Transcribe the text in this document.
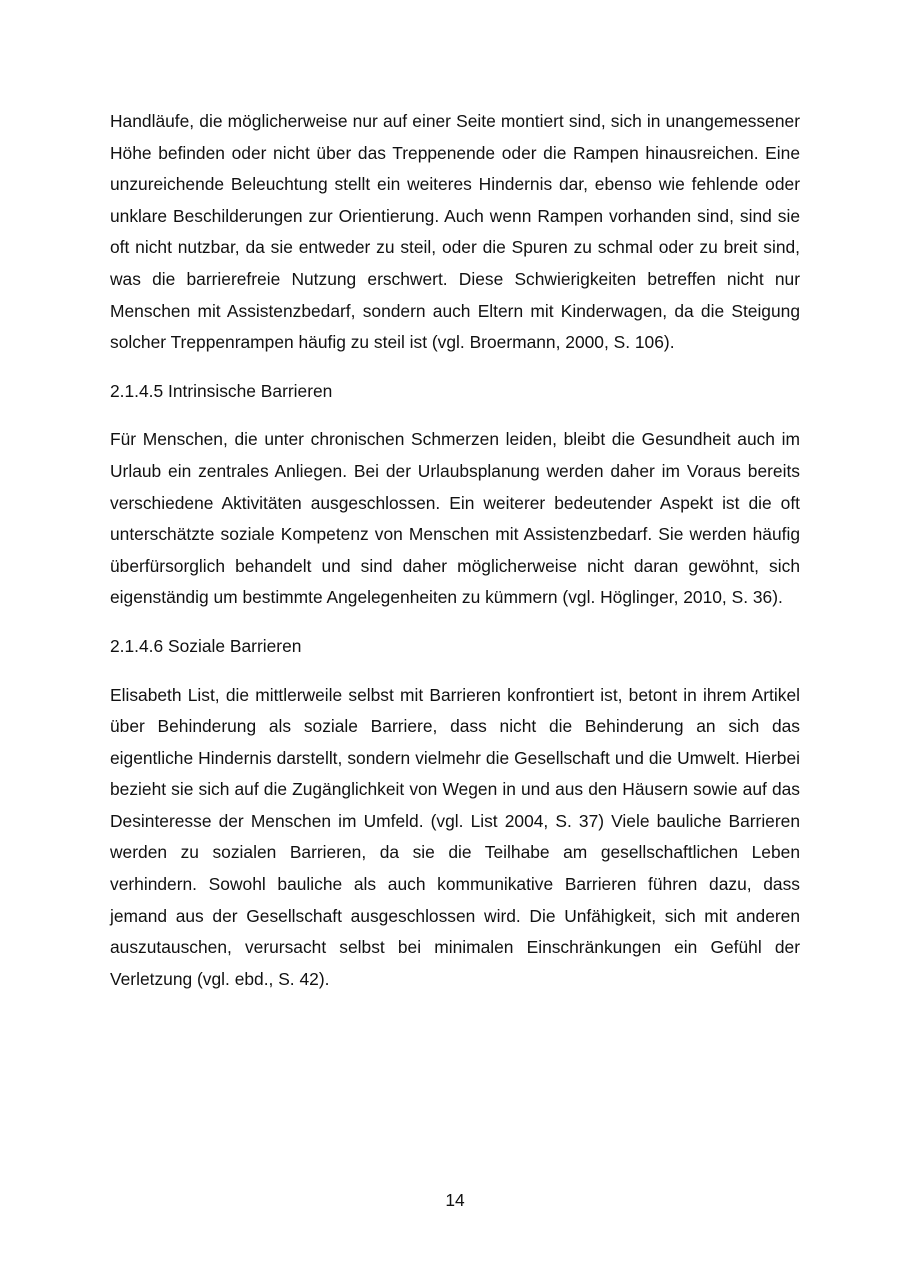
Handläufe, die möglicherweise nur auf einer Seite montiert sind, sich in unangemessener Höhe befinden oder nicht über das Treppenende oder die Rampen hinausreichen. Eine unzureichende Beleuchtung stellt ein weiteres Hindernis dar, ebenso wie fehlende oder unklare Beschilderungen zur Orientierung. Auch wenn Rampen vorhanden sind, sind sie oft nicht nutzbar, da sie entweder zu steil, oder die Spuren zu schmal oder zu breit sind, was die barrierefreie Nutzung erschwert. Diese Schwierigkeiten betreffen nicht nur Menschen mit Assistenzbedarf, sondern auch Eltern mit Kinderwagen, da die Steigung solcher Treppenrampen häufig zu steil ist (vgl. Broermann, 2000, S. 106).

2.1.4.5 Intrinsische Barrieren

Für Menschen, die unter chronischen Schmerzen leiden, bleibt die Gesundheit auch im Urlaub ein zentrales Anliegen. Bei der Urlaubsplanung werden daher im Voraus bereits verschiedene Aktivitäten ausgeschlossen. Ein weiterer bedeutender Aspekt ist die oft unterschätzte soziale Kompetenz von Menschen mit Assistenzbedarf. Sie werden häufig überfürsorglich behandelt und sind daher möglicherweise nicht daran gewöhnt, sich eigenständig um bestimmte Angelegenheiten zu kümmern (vgl. Höglinger, 2010, S. 36).

2.1.4.6 Soziale Barrieren

Elisabeth List, die mittlerweile selbst mit Barrieren konfrontiert ist, betont in ihrem Artikel über Behinderung als soziale Barriere, dass nicht die Behinderung an sich das eigentliche Hindernis darstellt, sondern vielmehr die Gesellschaft und die Umwelt. Hierbei bezieht sie sich auf die Zugänglichkeit von Wegen in und aus den Häusern sowie auf das Desinteresse der Menschen im Umfeld. (vgl. List 2004, S. 37) Viele bauliche Barrieren werden zu sozialen Barrieren, da sie die Teilhabe am gesellschaftlichen Leben verhindern. Sowohl bauliche als auch kommunikative Barrieren führen dazu, dass jemand aus der Gesellschaft ausgeschlossen wird. Die Unfähigkeit, sich mit anderen auszutauschen, verursacht selbst bei minimalen Einschränkungen ein Gefühl der Verletzung (vgl. ebd., S. 42).

14
